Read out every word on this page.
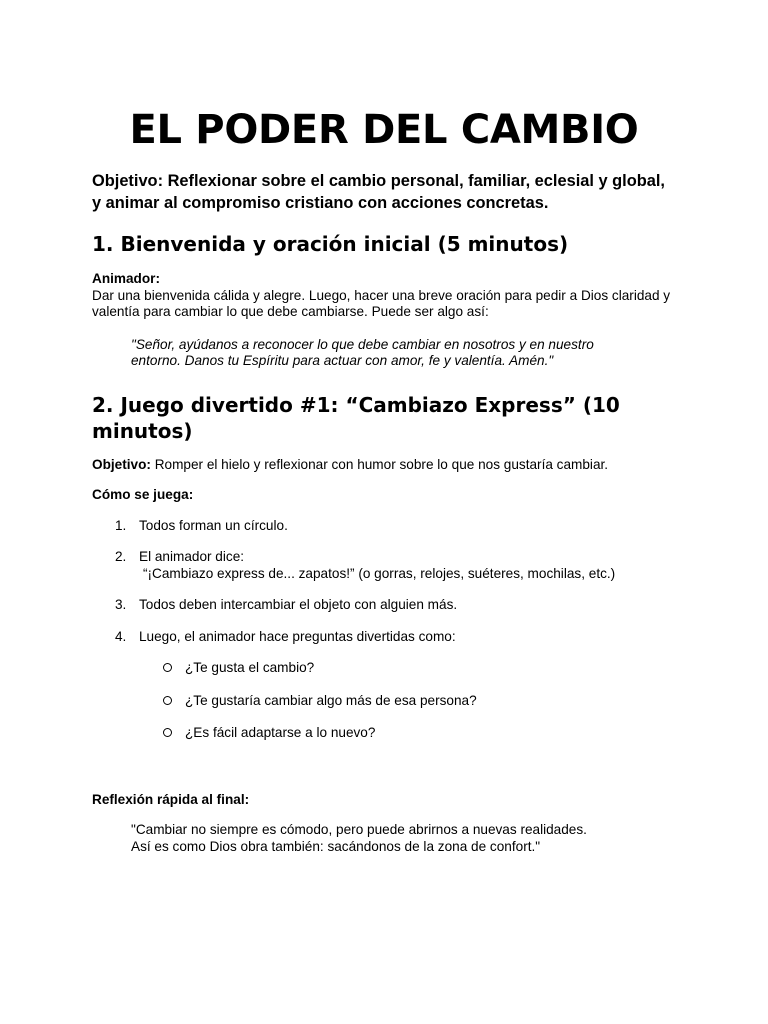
EL PODER DEL CAMBIO

Objetivo: Reflexionar sobre el cambio personal, familiar, eclesial y global, y animar al compromiso cristiano con acciones concretas.

1. Bienvenida y oración inicial (5 minutos)
Animador:
Dar una bienvenida cálida y alegre. Luego, hacer una breve oración para pedir a Dios claridad y valentía para cambiar lo que debe cambiarse. Puede ser algo así:
"Señor, ayúdanos a reconocer lo que debe cambiar en nosotros y en nuestro entorno. Danos tu Espíritu para actuar con amor, fe y valentía. Amén."
2. Juego divertido #1: “Cambiazo Express” (10 minutos)
Objetivo: Romper el hielo y reflexionar con humor sobre lo que nos gustaría cambiar.
Cómo se juega:
1. Todos forman un círculo.
2. El animador dice:
“¡Cambiazo express de... zapatos!” (o gorras, relojes, suéteres, mochilas, etc.)
3. Todos deben intercambiar el objeto con alguien más.
4. Luego, el animador hace preguntas divertidas como:
¿Te gusta el cambio?
¿Te gustaría cambiar algo más de esa persona?
¿Es fácil adaptarse a lo nuevo?
Reflexión rápida al final:
"Cambiar no siempre es cómodo, pero puede abrirnos a nuevas realidades. Así es como Dios obra también: sacándonos de la zona de confort."
